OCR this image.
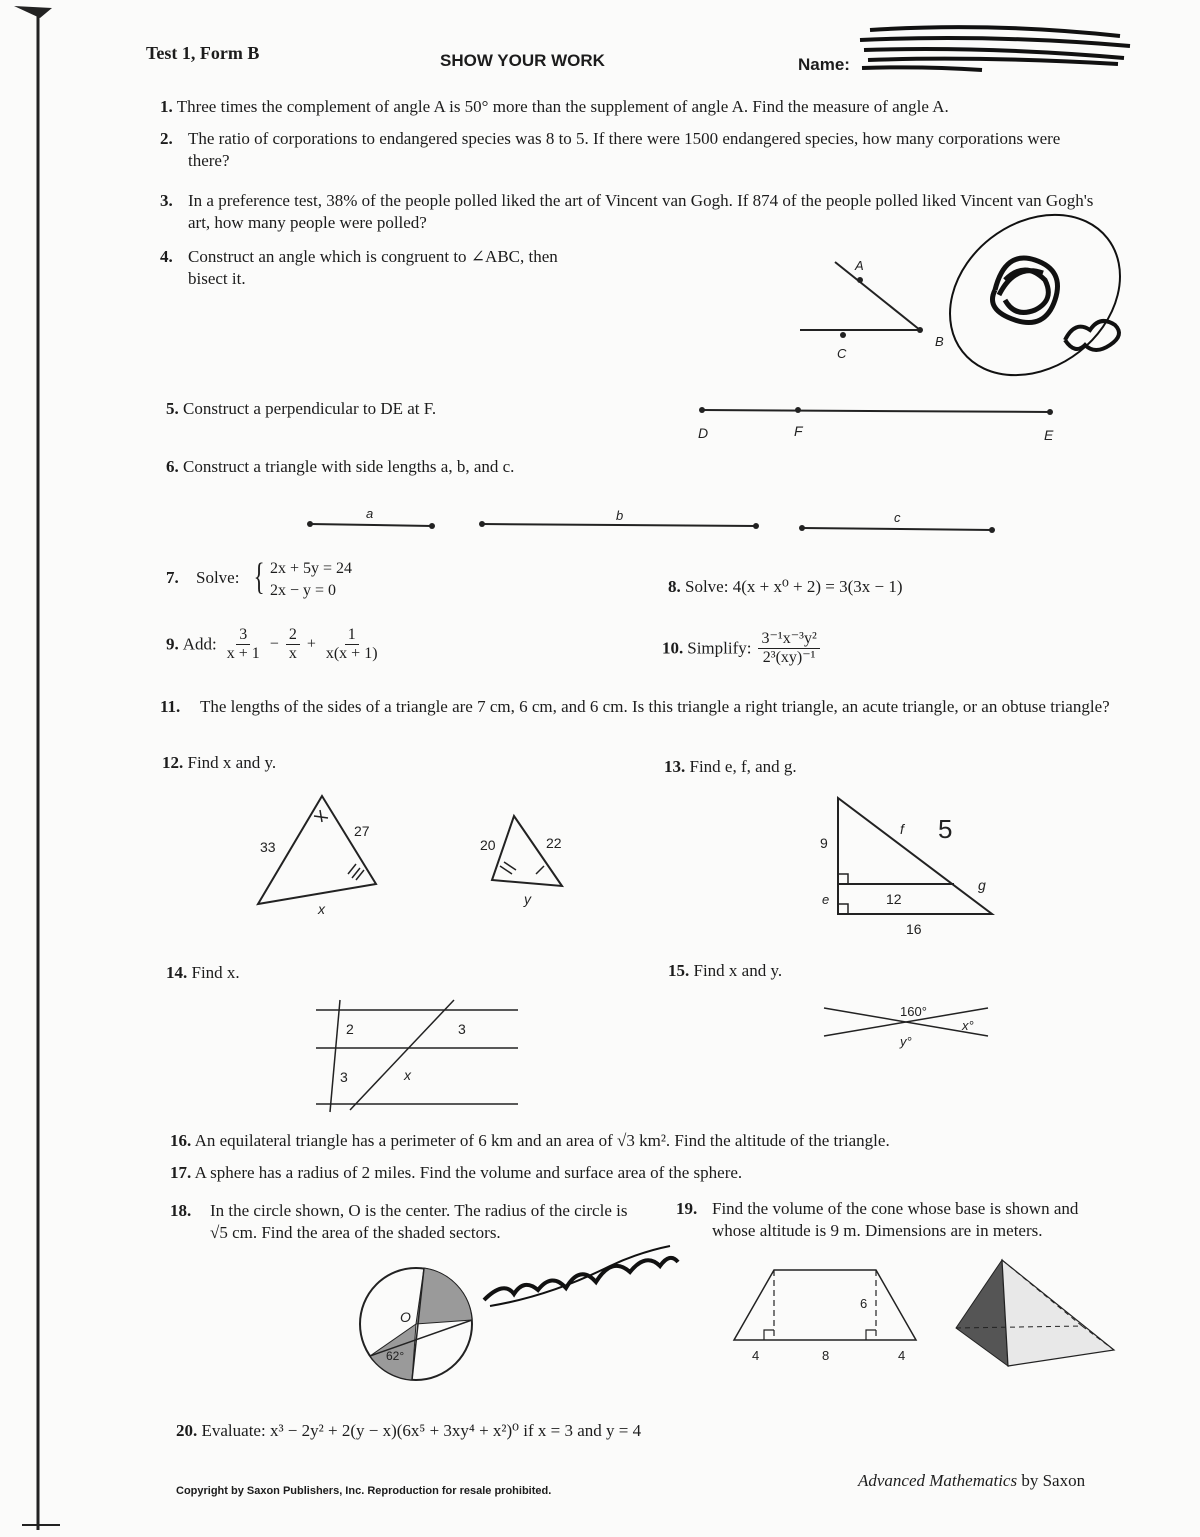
Test 1, Form B	SHOW YOUR WORK	Name:
1. Three times the complement of angle A is 50° more than the supplement of angle A. Find the measure of angle A.
2. The ratio of corporations to endangered species was 8 to 5. If there were 1500 endangered species, how many corporations were there?
3. In a preference test, 38% of the people polled liked the art of Vincent van Gogh. If 874 of the people polled liked Vincent van Gogh's art, how many people were polled?
4. Construct an angle which is congruent to ∠ABC, then bisect it.
A
B
C
5. Construct a perpendicular to DE at F.
D	F	E
6. Construct a triangle with side lengths a, b, and c.
a	b	c
7. Solve: { 2x + 5y = 24
2x − y = 0	8. Solve: 4(x + x⁰ + 2) = 3(3x − 1)
9. Add: $\frac{3}{x + 1} - \frac{2}{x} + \frac{1}{x(x + 1)}$	10. Simplify: $\frac{\text{3⁻¹x⁻³y²}}{\text{2³(xy)⁻¹}}$
11. The lengths of the sides of a triangle are 7 cm, 6 cm, and 6 cm. Is this triangle a right triangle, an acute triangle, or an obtuse triangle?
12. Find x and y.
33
27
x
20	22
y
13. Find e, f, and g.
9
e
f
g
12
16
5
14. Find x.
2	3
3	x
15. Find x and y.
160°
x°
y°
16. An equilateral triangle has a perimeter of 6 km and an area of √3 km². Find the altitude of the triangle.
17. A sphere has a radius of 2 miles. Find the volume and surface area of the sphere.
18. In the circle shown, O is the center. The radius of the circle is √5 cm. Find the area of the shaded sectors.
O
62°
19. Find the volume of the cone whose base is shown and whose altitude is 9 m. Dimensions are in meters.
6
4	8	4
20. Evaluate: x³ − 2y² + 2(y − x)(6x⁵ + 3xy⁴ + x²)⁰ if x = 3 and y = 4
Copyright by Saxon Publishers, Inc. Reproduction for resale prohibited.
Advanced Mathematics by Saxon
